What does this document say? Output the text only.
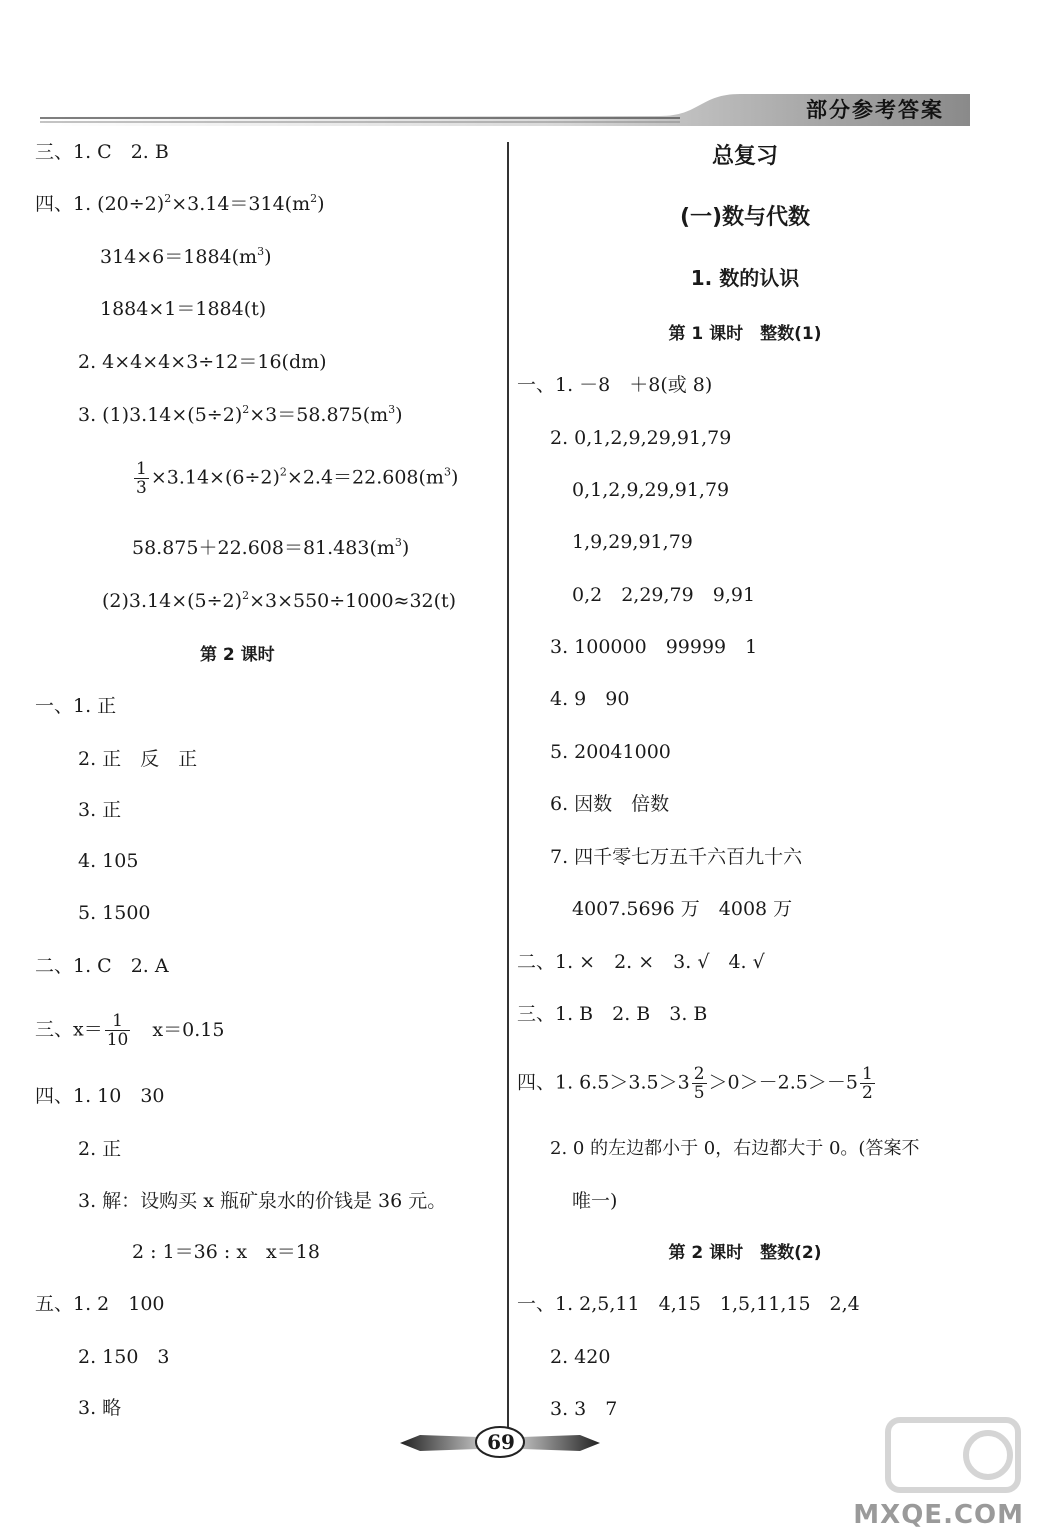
部分参考答案
三、1. C　2. B
四、1. $(20\div 2)^2\times 3.14=314(m^2)$
$314\times 6=1884(m^3)$
1884×1＝1884(t)
2. 4×4×4×3÷12＝16(dm)
3. $(1)3.14\times(5\div 2)^2\times 3=58.875(m^3)$
$\frac{1}{3} \times 3.14\times(6\div 2)^2\times 2.4=22.608(m^3)$
$58.875+22.608=81.483(m^3)$
$(2)3.14\times(5\div 2)^2\times 3\times 550\div 1000\approx 32(t)$
第 2 课时
一、1. 正
2. 正　反　正
3. 正
4. 105
5. 1500
二、1. C　2. A
三、$x= \frac{1}{10} x=0.15$
四、1. 10　30
2. 正
3. 解：设购买 x 瓶矿泉水的价钱是 36 元。
2 : 1＝36 : x　x＝18
五、1. 2　100
2. 150　3
3. 略
总复习
(一)数与代数
1. 数的认识
第 1 课时　整数(1)
一、1. －8　＋8(或 8)
2. 0,1,2,9,29,91,79
0,1,2,9,29,91,79
1,9,29,91,79
0,2　2,29,79　9,91
3. 100000　99999　1
4. 9　90
5. 20041000
6. 因数　倍数
7. 四千零七万五千六百九十六
4007.5696 万　4008 万
二、1. ×　2. ×　3. √　4. √
三、1. B　2. B　3. B
四、1. $6.5>3.5>3 \frac{2}{5} >0>-2.5>-5 \frac{1}{2}$
2. 0 的左边都小于 0，右边都大于 0。(答案不
唯一)
第 2 课时　整数(2)
一、1. 2,5,11　4,15　1,5,11,15　2,4
2. 420
3. 3　7
69
MXQE.COM
